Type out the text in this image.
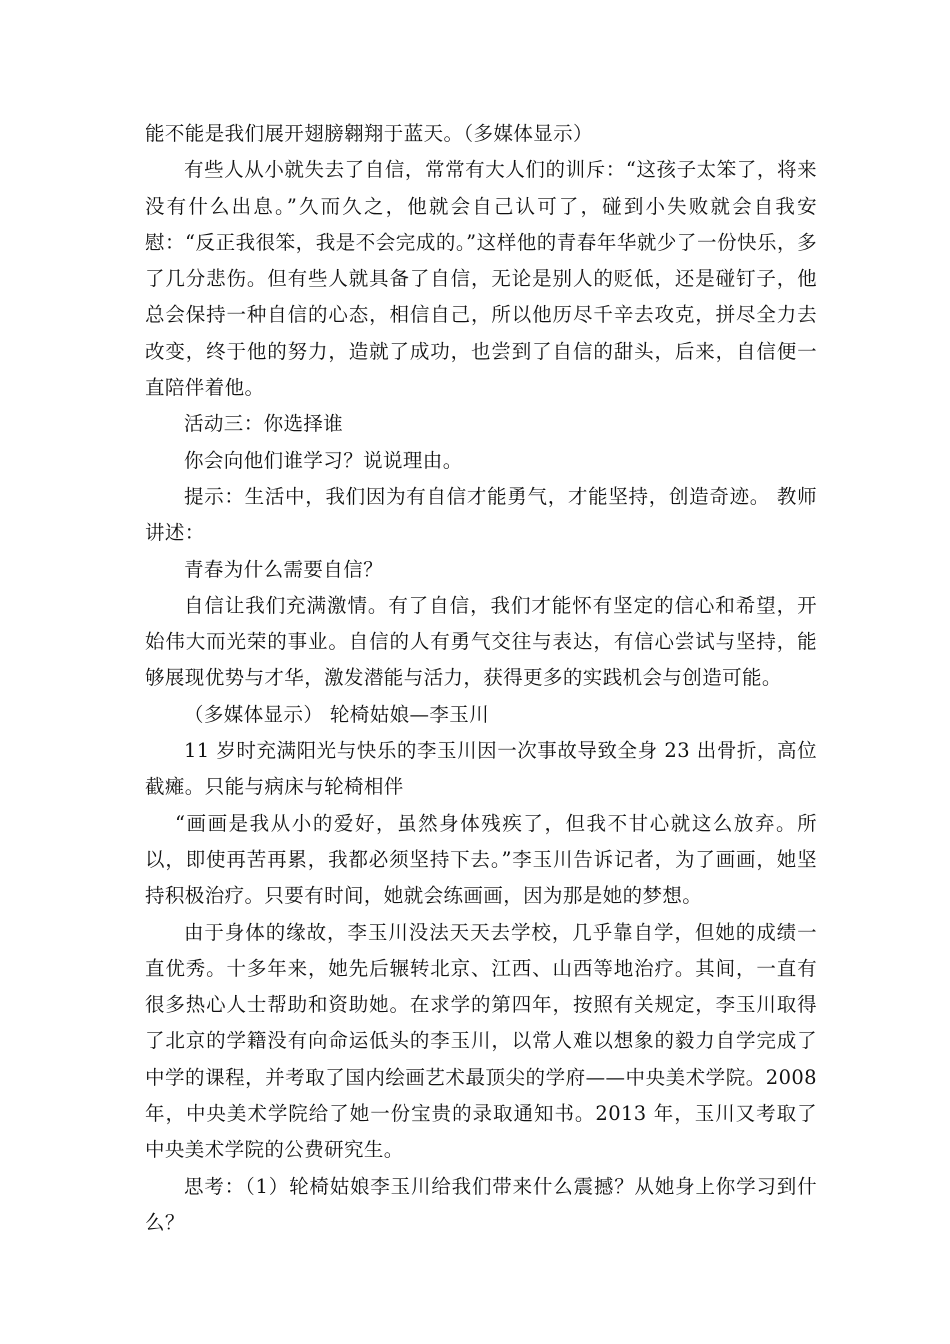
能不能是我们展开翅膀翱翔于蓝天。（多媒体显示）

有些人从小就失去了自信，常常有大人们的训斥：“这孩子太笨了，将来没有什么出息。”久而久之，他就会自己认可了，碰到小失败就会自我安慰：“反正我很笨，我是不会完成的。”这样他的青春年华就少了一份快乐，多了几分悲伤。但有些人就具备了自信，无论是别人的贬低，还是碰钉子，他总会保持一种自信的心态，相信自己，所以他历尽千辛去攻克，拼尽全力去改变，终于他的努力，造就了成功，也尝到了自信的甜头，后来，自信便一直陪伴着他。

活动三：你选择谁

你会向他们谁学习？说说理由。

提示：生活中，我们因为有自信才能勇气，才能坚持，创造奇迹。 教师讲述：

青春为什么需要自信？

自信让我们充满激情。有了自信，我们才能怀有坚定的信心和希望，开始伟大而光荣的事业。自信的人有勇气交往与表达，有信心尝试与坚持，能够展现优势与才华，激发潜能与活力，获得更多的实践机会与创造可能。

（多媒体显示） 轮椅姑娘—李玉川

11 岁时充满阳光与快乐的李玉川因一次事故导致全身 23 出骨折，高位截瘫。只能与病床与轮椅相伴

“画画是我从小的爱好，虽然身体残疾了，但我不甘心就这么放弃。所以，即使再苦再累，我都必须坚持下去。”李玉川告诉记者，为了画画，她坚持积极治疗。只要有时间，她就会练画画，因为那是她的梦想。

由于身体的缘故，李玉川没法天天去学校，几乎靠自学，但她的成绩一直优秀。十多年来，她先后辗转北京、江西、山西等地治疗。其间，一直有很多热心人士帮助和资助她。在求学的第四年，按照有关规定，李玉川取得了北京的学籍没有向命运低头的李玉川，以常人难以想象的毅力自学完成了中学的课程，并考取了国内绘画艺术最顶尖的学府——中央美术学院。2008 年，中央美术学院给了她一份宝贵的录取通知书。2013 年，玉川又考取了中央美术学院的公费研究生。

思考：（1）轮椅姑娘李玉川给我们带来什么震撼？从她身上你学习到什么？
